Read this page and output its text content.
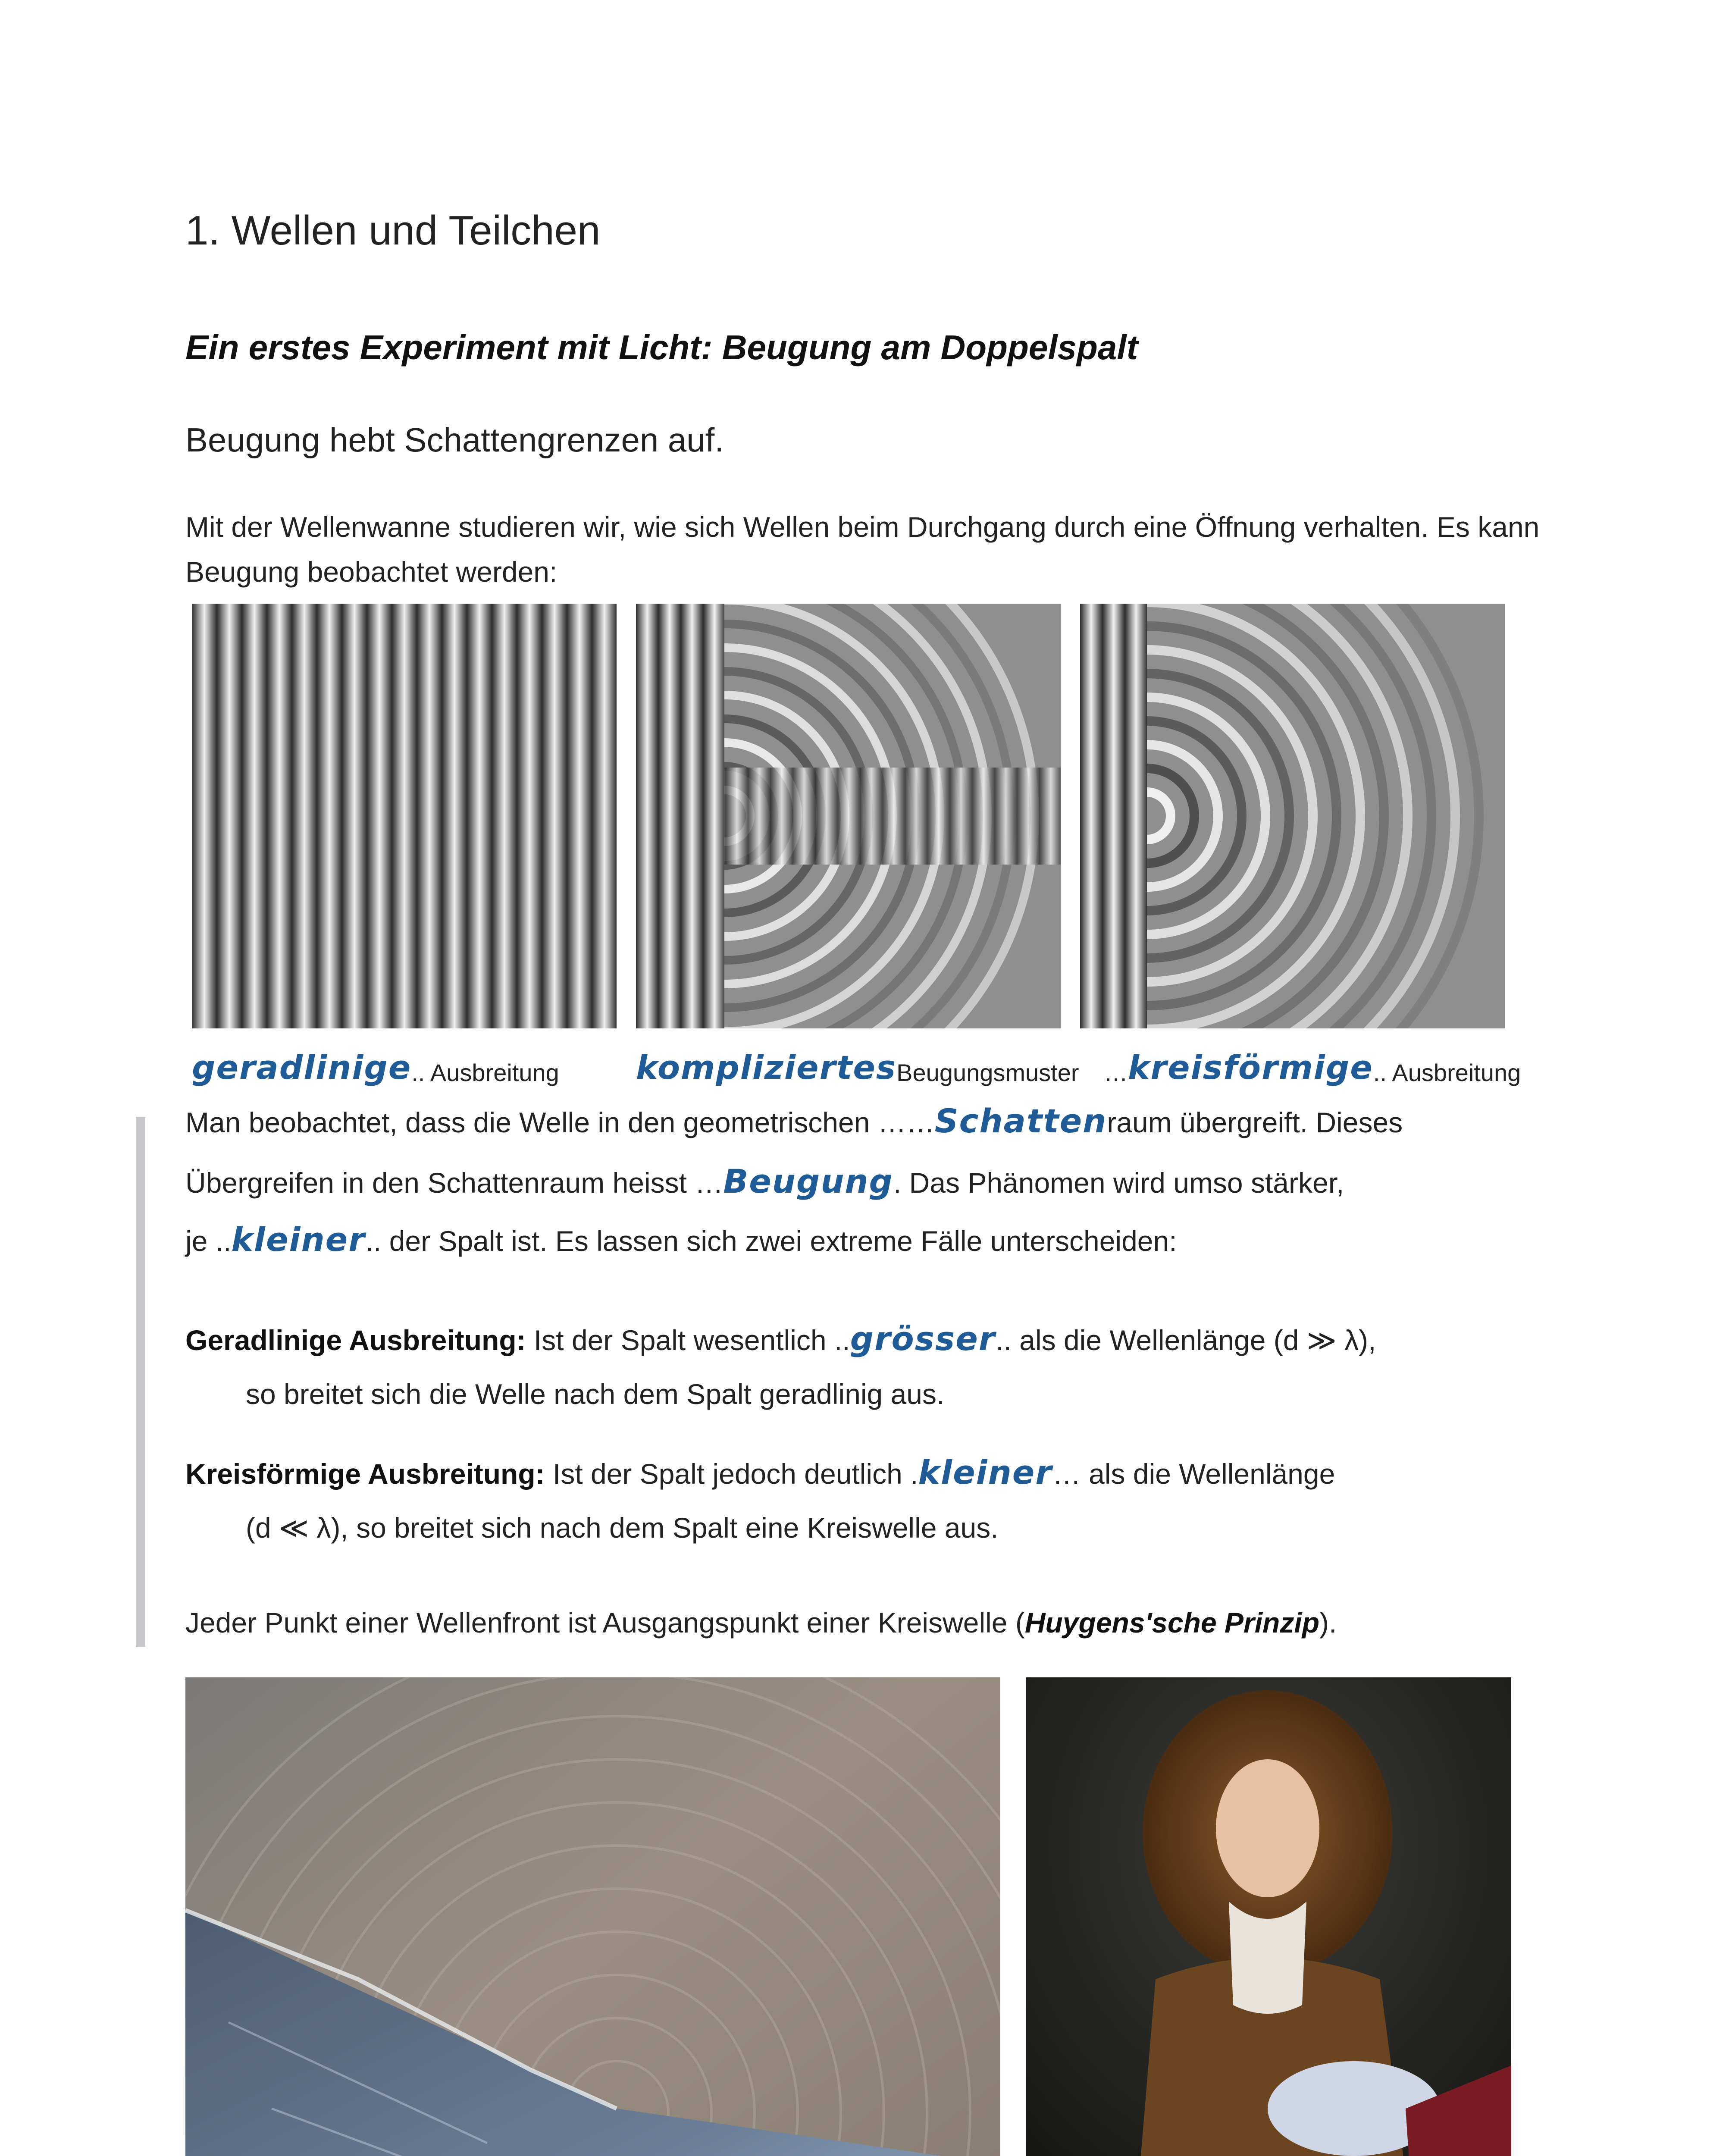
1. Wellen und Teilchen
Ein erstes Experiment mit Licht: Beugung am Doppelspalt

Beugung hebt Schattengrenzen auf.

Mit der Wellenwanne studieren wir, wie sich Wellen beim Durchgang durch eine Öffnung verhalten. Es kann Beugung beobachtet werden:

geradlinige .. Ausbreitung kompliziertes Beugungsmuster … kreisförmige .. Ausbreitung

Man beobachtet, dass die Welle in den geometrischen ……Schattenraum übergreift. Dieses

Übergreifen in den Schattenraum heisst …Beugung. Das Phänomen wird umso stärker,

je ..kleiner.. der Spalt ist. Es lassen sich zwei extreme Fälle unterscheiden:

Geradlinige Ausbreitung: Ist der Spalt wesentlich ..grösser.. als die Wellenlänge (d ≫ λ),

so breitet sich die Welle nach dem Spalt geradlinig aus.

Kreisförmige Ausbreitung: Ist der Spalt jedoch deutlich .kleiner… als die Wellenlänge

(d ≪ λ), so breitet sich nach dem Spalt eine Kreiswelle aus.

Jeder Punkt einer Wellenfront ist Ausgangspunkt einer Kreiswelle (Huygens'sche Prinzip).
